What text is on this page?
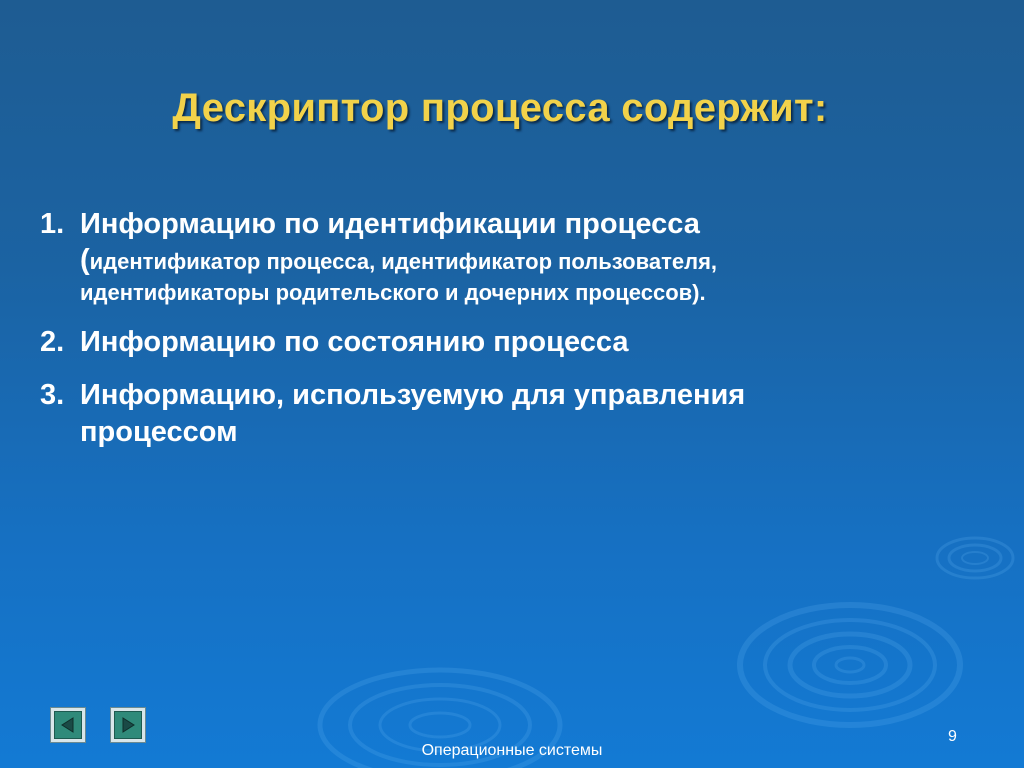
Дескриптор процесса содержит:
1. Информацию по идентификации процесса
(идентификатор процесса, идентификатор пользователя,
идентификаторы родительского и дочерних процессов).
2. Информацию по состоянию процесса
3. Информацию, используемую для управления
процессом
Операционные системы
9
